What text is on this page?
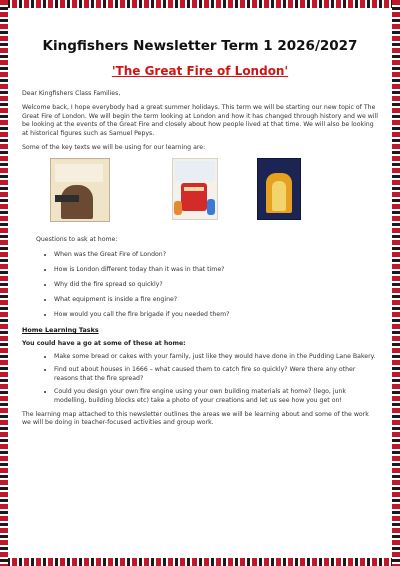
Kingfishers Newsletter Term 1 2026/2027
'The Great Fire of London'

Dear Kingfishers Class Families,

Welcome back, I hope everybody had a great summer holidays. This term we will be starting our new topic of The Great Fire of London. We will begin the term looking at London and how it has changed through history and we will be looking at the events of the Great Fire and closely about how people lived at that time. We will also be looking at historical figures such as Samuel Pepys.

Some of the key texts we will be using for our learning are:

Questions to ask at home:
• When was the Great Fire of London?
• How is London different today than it was in that time?
• Why did the fire spread so quickly?
• What equipment is inside a fire engine?
• How would you call the fire brigade if you needed them?
Home Learning Tasks
You could have a go at some of these at home:
• Make some bread or cakes with your family, just like they would have done in the Pudding Lane Bakery.
• Find out about houses in 1666 – what caused them to catch fire so quickly? Were there any other reasons that the fire spread?
• Could you design your own fire engine using your own building materials at home? (lego, junk modelling, building blocks etc) take a photo of your creations and let us see how you get on!

The learning map attached to this newsletter outlines the areas we will be learning about and some of the work we will be doing in teacher-focused activities and group work.
